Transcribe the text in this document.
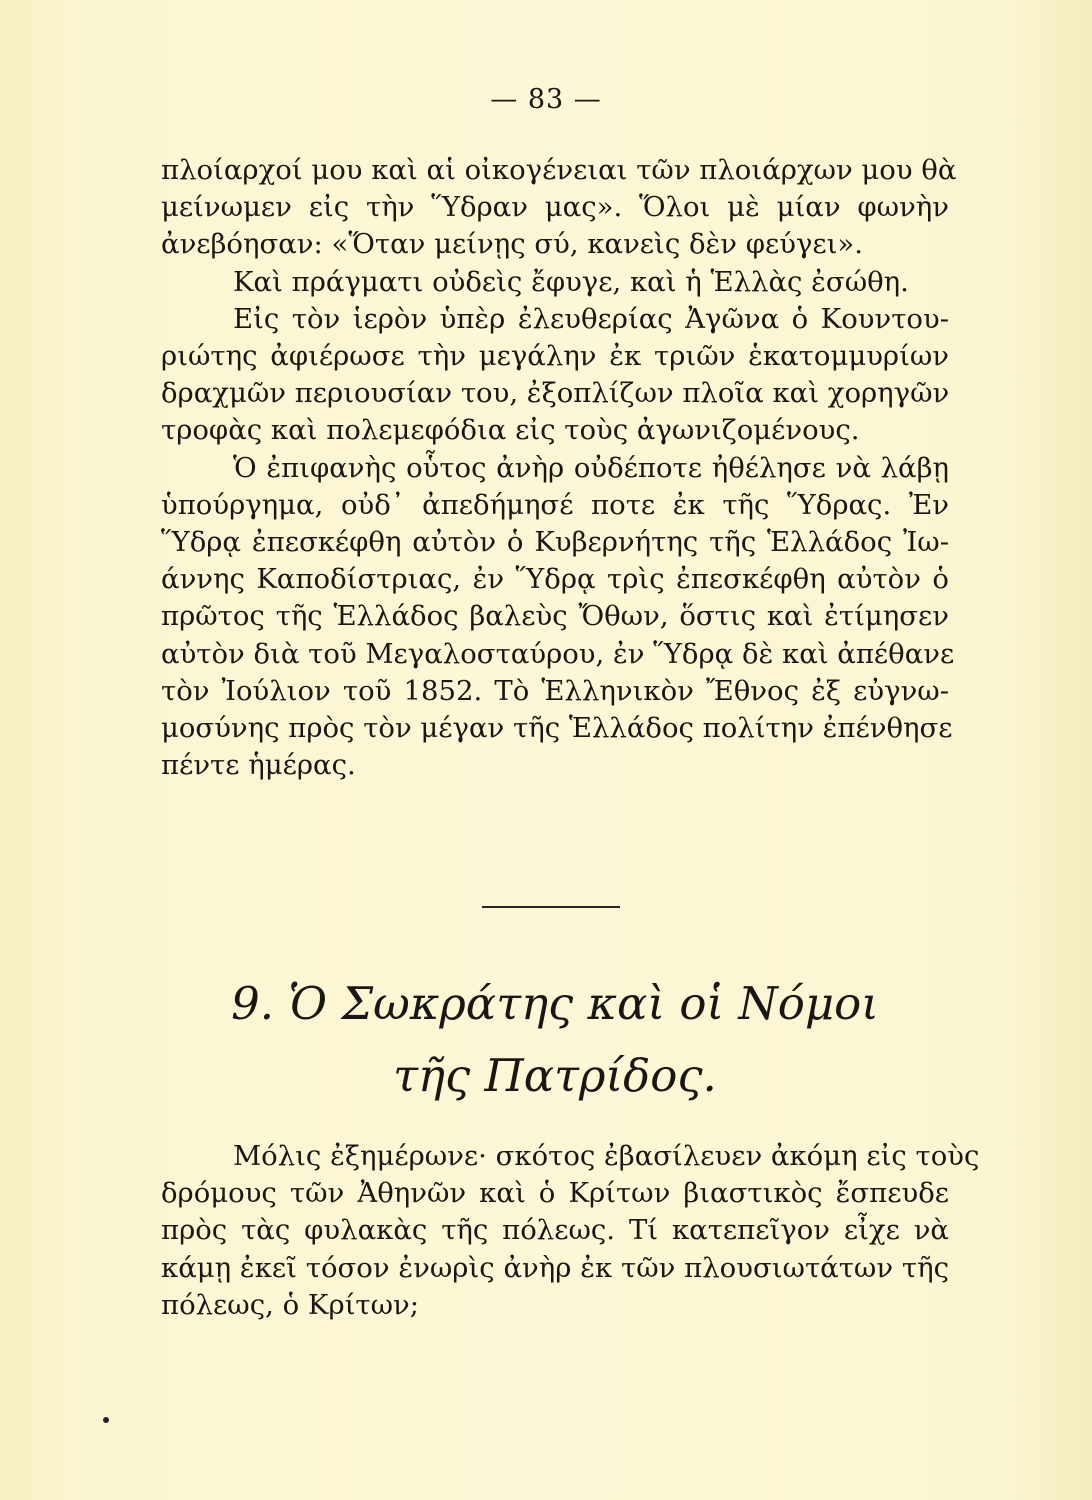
— 83 —
πλοίαρχοί μου καὶ αἱ οἰκογένειαι τῶν πλοιάρχων μου θὰ
μείνωμεν εἰς τὴν Ὕδραν μας». Ὅλοι μὲ μίαν φωνὴν
ἀνεβόησαν: «Ὅταν μείνῃς σύ, κανεὶς δὲν φεύγει».
Καὶ πράγματι οὐδεὶς ἔφυγε, καὶ ἡ Ἑλλὰς ἐσώθη.
Εἰς τὸν ἱερὸν ὑπὲρ ἐλευθερίας Ἀγῶνα ὁ Κουντου-
ριώτης ἀφιέρωσε τὴν μεγάλην ἐκ τριῶν ἑκατομμυρίων
δραχμῶν περιουσίαν του, ἐξοπλίζων πλοῖα καὶ χορηγῶν
τροφὰς καὶ πολεμεφόδια εἰς τοὺς ἀγωνιζομένους.
Ὁ ἐπιφανὴς οὗτος ἀνὴρ οὐδέποτε ἠθέλησε νὰ λάβῃ
ὑπούργημα, οὐδ᾽ ἀπεδήμησέ ποτε ἐκ τῆς Ὕδρας. Ἐν
Ὕδρᾳ ἐπεσκέφθη αὐτὸν ὁ Κυβερνήτης τῆς Ἑλλάδος Ἰω-
άννης Καποδίστριας, ἐν Ὕδρᾳ τρὶς ἐπεσκέφθη αὐτὸν ὁ
πρῶτος τῆς Ἑλλάδος βαλεὺς Ὄθων, ὅστις καὶ ἐτίμησεν
αὐτὸν διὰ τοῦ Μεγαλοσταύρου, ἐν Ὕδρᾳ δὲ καὶ ἀπέθανε
τὸν Ἰούλιον τοῦ 1852. Τὸ Ἑλληνικὸν Ἔθνος ἐξ εὐγνω-
μοσύνης πρὸς τὸν μέγαν τῆς Ἑλλάδος πολίτην ἐπένθησε
πέντε ἡμέρας.
9. Ὁ Σωκράτης καὶ οἱ Νόμοι
τῆς Πατρίδος.
Μόλις ἐξημέρωνε· σκότος ἐβασίλευεν ἀκόμη εἰς τοὺς
δρόμους τῶν Ἀθηνῶν καὶ ὁ Κρίτων βιαστικὸς ἔσπευδε
πρὸς τὰς φυλακὰς τῆς πόλεως. Τί κατεπεῖγον εἶχε νὰ
κάμῃ ἐκεῖ τόσον ἐνωρὶς ἀνὴρ ἐκ τῶν πλουσιωτάτων τῆς
πόλεως, ὁ Κρίτων;
